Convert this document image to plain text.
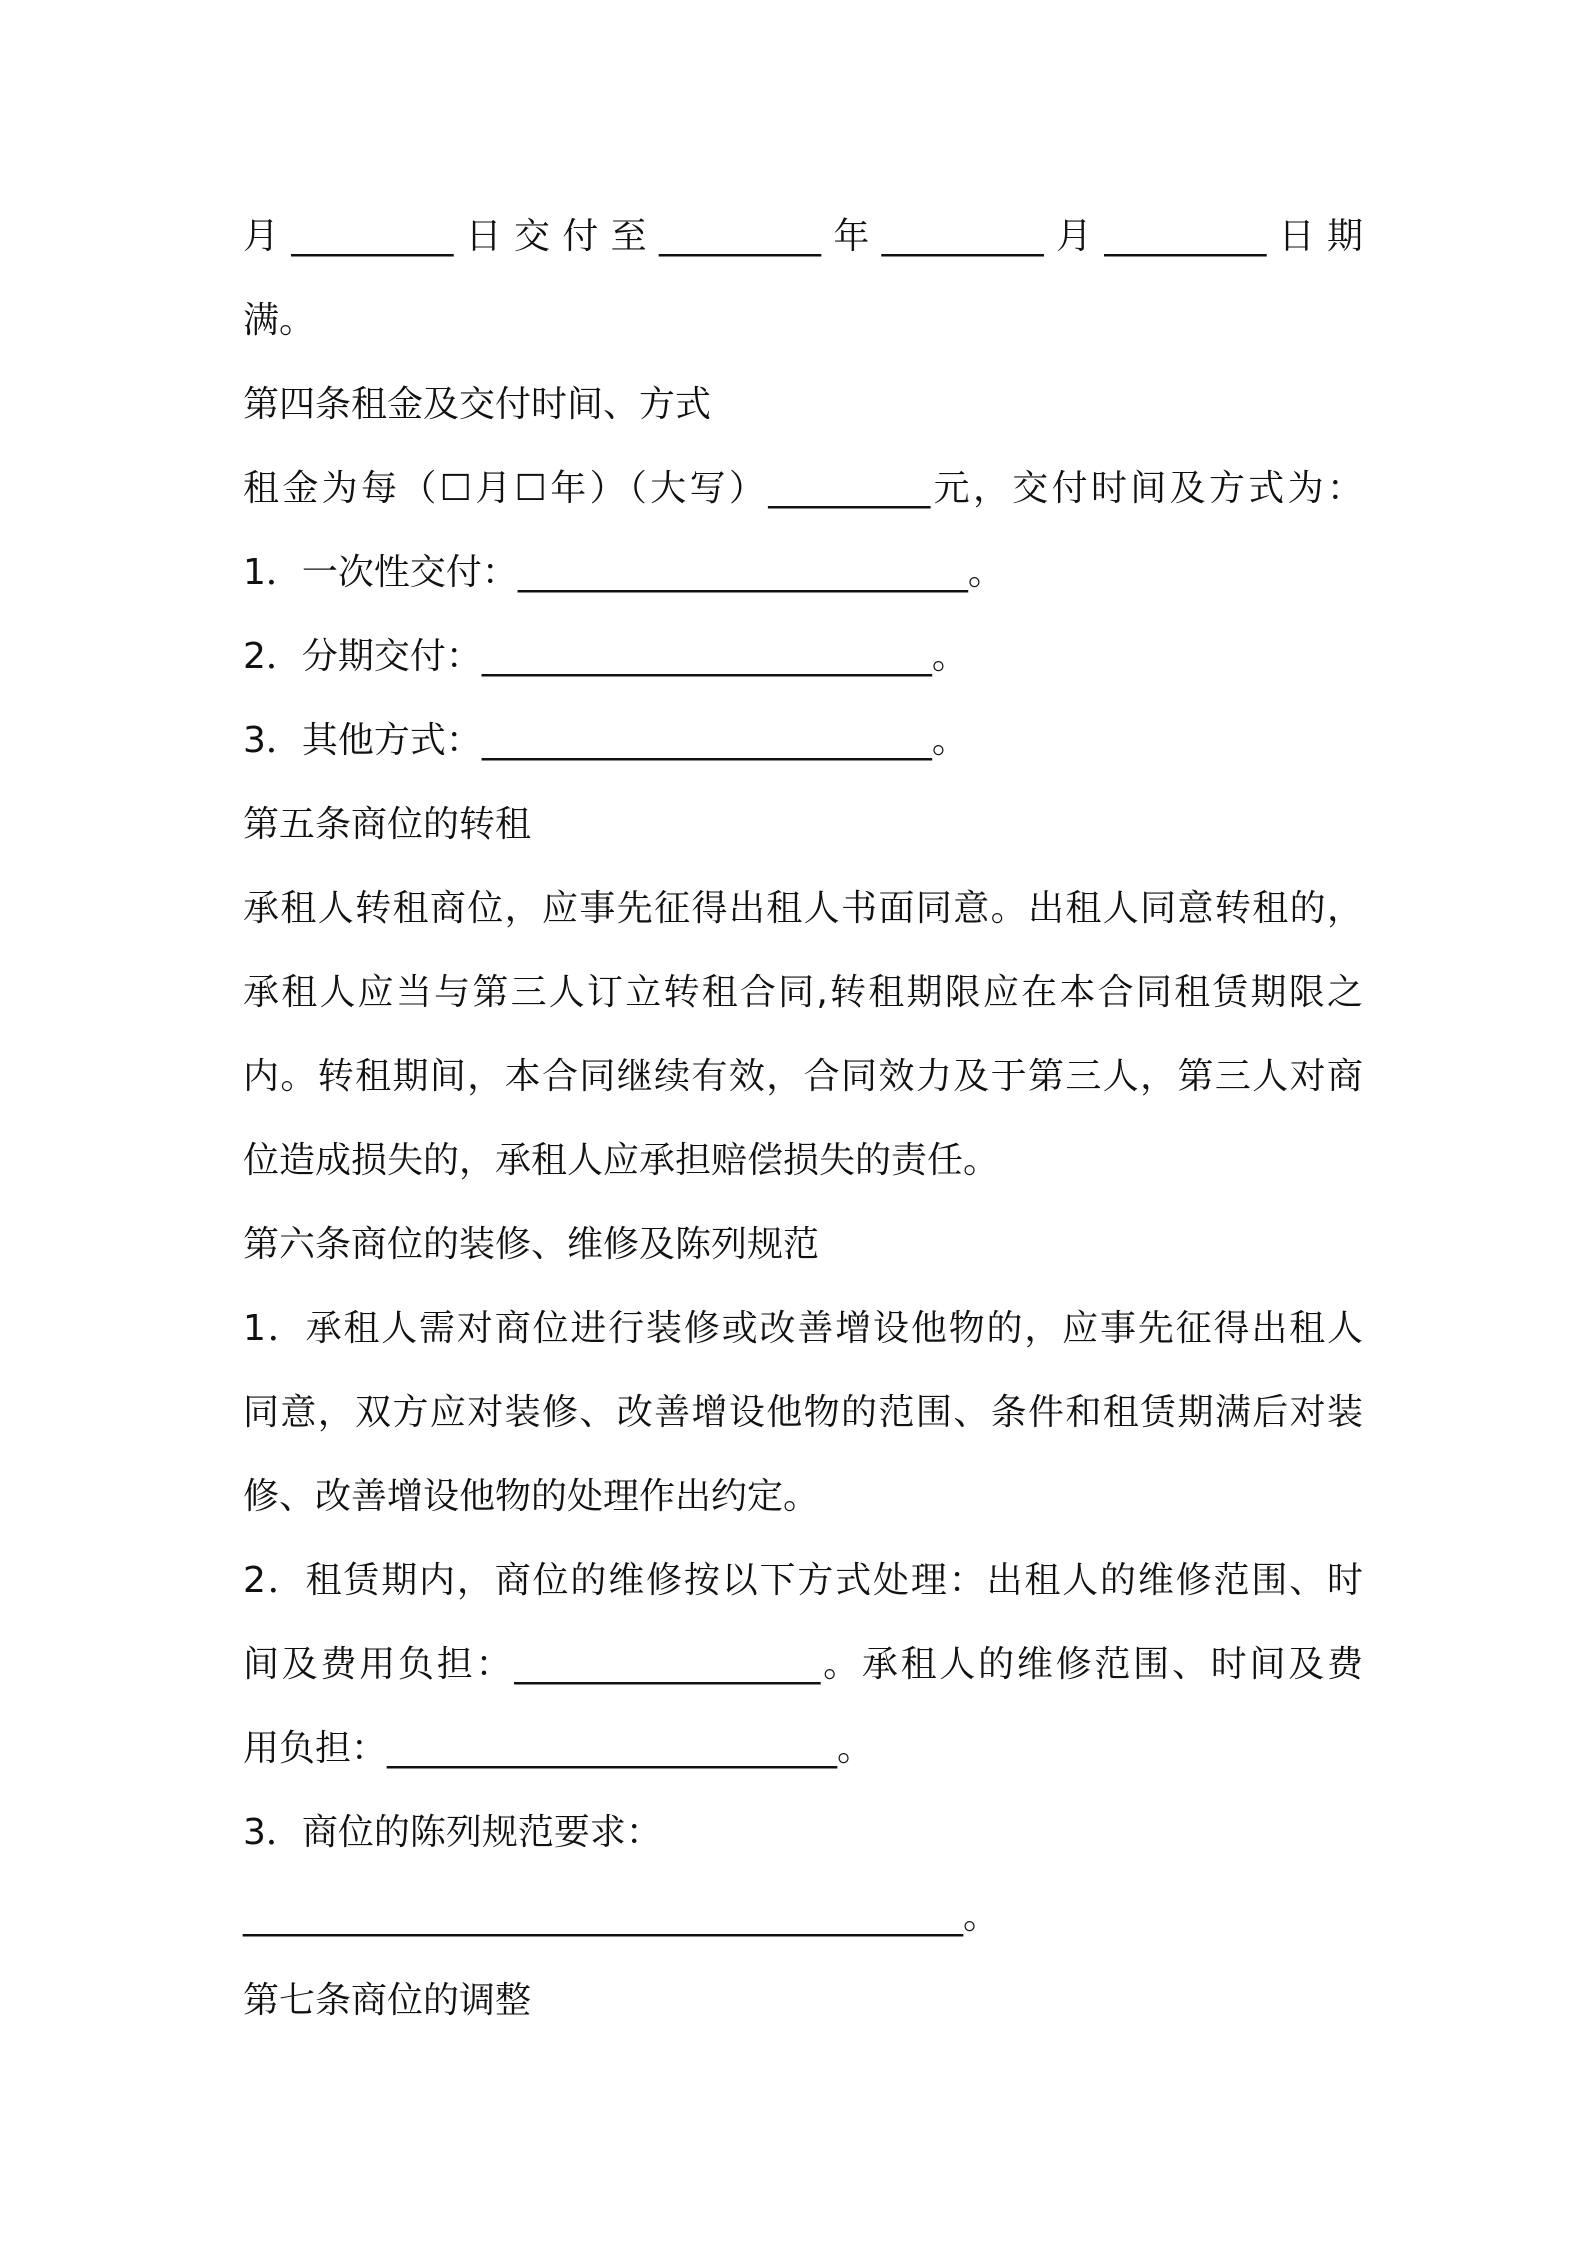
月_________日交付至_________年_________月_________日期
满。
第四条租金及交付时间、方式
租金为每（☐月☐年）（大写）_________元，交付时间及方式为：
1．一次性交付：_________________________。
2．分期交付：_________________________。
3．其他方式：_________________________。
第五条商位的转租
承租人转租商位，应事先征得出租人书面同意。出租人同意转租的，
承租人应当与第三人订立转租合同,转租期限应在本合同租赁期限之
内。转租期间，本合同继续有效，合同效力及于第三人，第三人对商
位造成损失的，承租人应承担赔偿损失的责任。
第六条商位的装修、维修及陈列规范
1．承租人需对商位进行装修或改善增设他物的，应事先征得出租人
同意，双方应对装修、改善增设他物的范围、条件和租赁期满后对装
修、改善增设他物的处理作出约定。
2．租赁期内，商位的维修按以下方式处理：出租人的维修范围、时
间及费用负担：_________________。承租人的维修范围、时间及费
用负担：_________________________。
3．商位的陈列规范要求：
________________________________________。
第七条商位的调整
